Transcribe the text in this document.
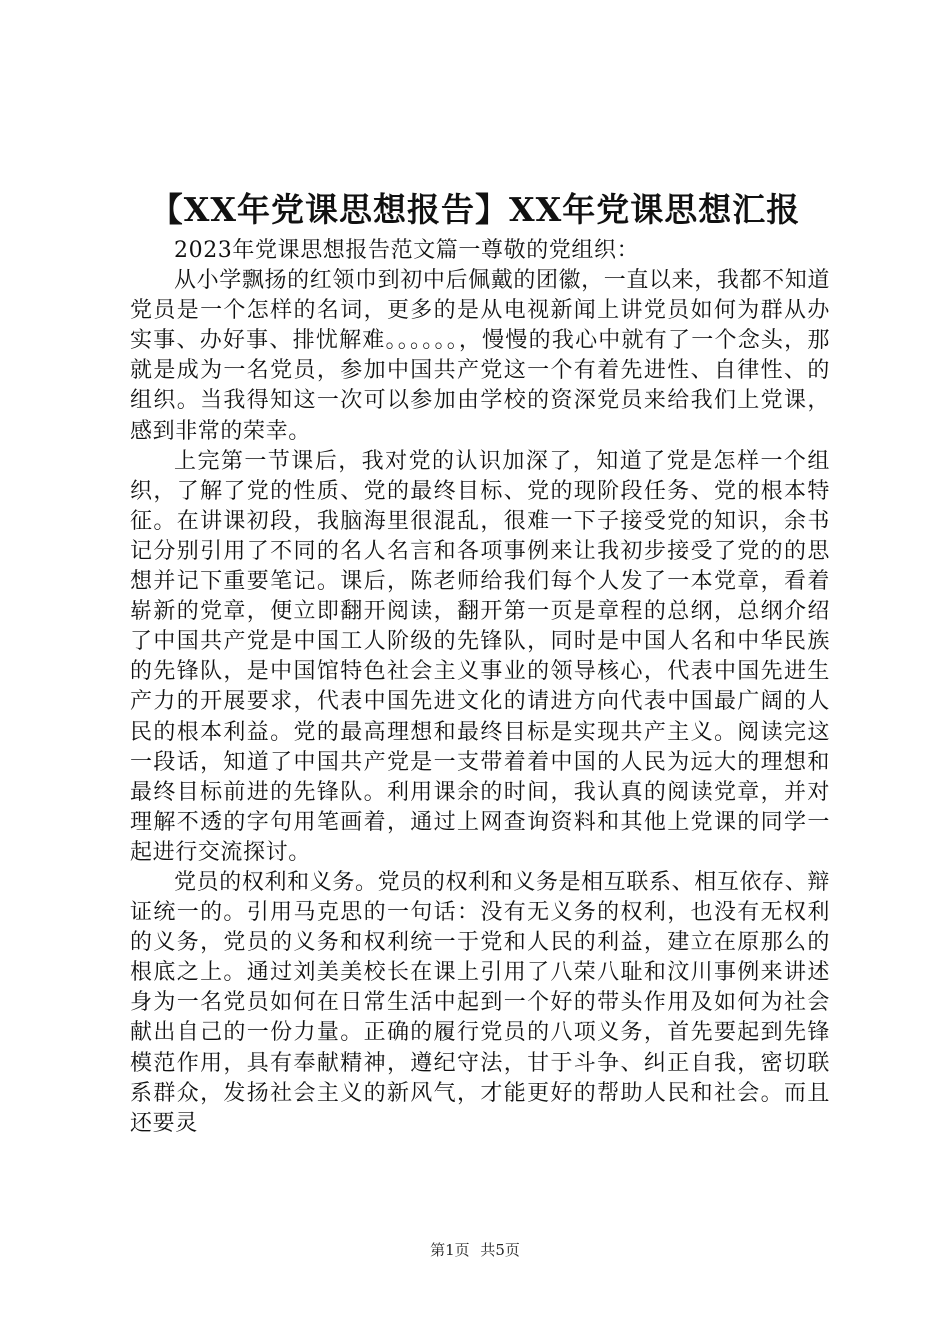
【XX年党课思想报告】XX年党课思想汇报

2023年党课思想报告范文篇一尊敬的党组织：

从小学飘扬的红领巾到初中后佩戴的团徽，一直以来，我都不知道党员是一个怎样的名词，更多的是从电视新闻上讲党员如何为群从办实事、办好事、排忧解难。。。。。。，慢慢的我心中就有了一个念头，那就是成为一名党员，参加中国共产党这一个有着先进性、自律性、的组织。当我得知这一次可以参加由学校的资深党员来给我们上党课，感到非常的荣幸。

上完第一节课后，我对党的认识加深了，知道了党是怎样一个组织，了解了党的性质、党的最终目标、党的现阶段任务、党的根本特征。在讲课初段，我脑海里很混乱，很难一下子接受党的知识，余书记分别引用了不同的名人名言和各项事例来让我初步接受了党的的思想并记下重要笔记。课后，陈老师给我们每个人发了一本党章，看着崭新的党章，便立即翻开阅读，翻开第一页是章程的总纲，总纲介绍了中国共产党是中国工人阶级的先锋队，同时是中国人名和中华民族的先锋队，是中国馆特色社会主义事业的领导核心，代表中国先进生产力的开展要求，代表中国先进文化的请进方向代表中国最广阔的人民的根本利益。党的最高理想和最终目标是实现共产主义。阅读完这一段话，知道了中国共产党是一支带着着中国的人民为远大的理想和最终目标前进的先锋队。利用课余的时间，我认真的阅读党章，并对理解不透的字句用笔画着，通过上网查询资料和其他上党课的同学一起进行交流探讨。

党员的权利和义务。党员的权利和义务是相互联系、相互依存、辩证统一的。引用马克思的一句话：没有无义务的权利，也没有无权利的义务，党员的义务和权利统一于党和人民的利益，建立在原那么的根底之上。通过刘美美校长在课上引用了八荣八耻和汶川事例来讲述身为一名党员如何在日常生活中起到一个好的带头作用及如何为社会献出自己的一份力量。正确的履行党员的八项义务，首先要起到先锋模范作用，具有奉献精神，遵纪守法，甘于斗争、纠正自我，密切联系群众，发扬社会主义的新风气，才能更好的帮助人民和社会。而且还要灵

第1页 共5页
